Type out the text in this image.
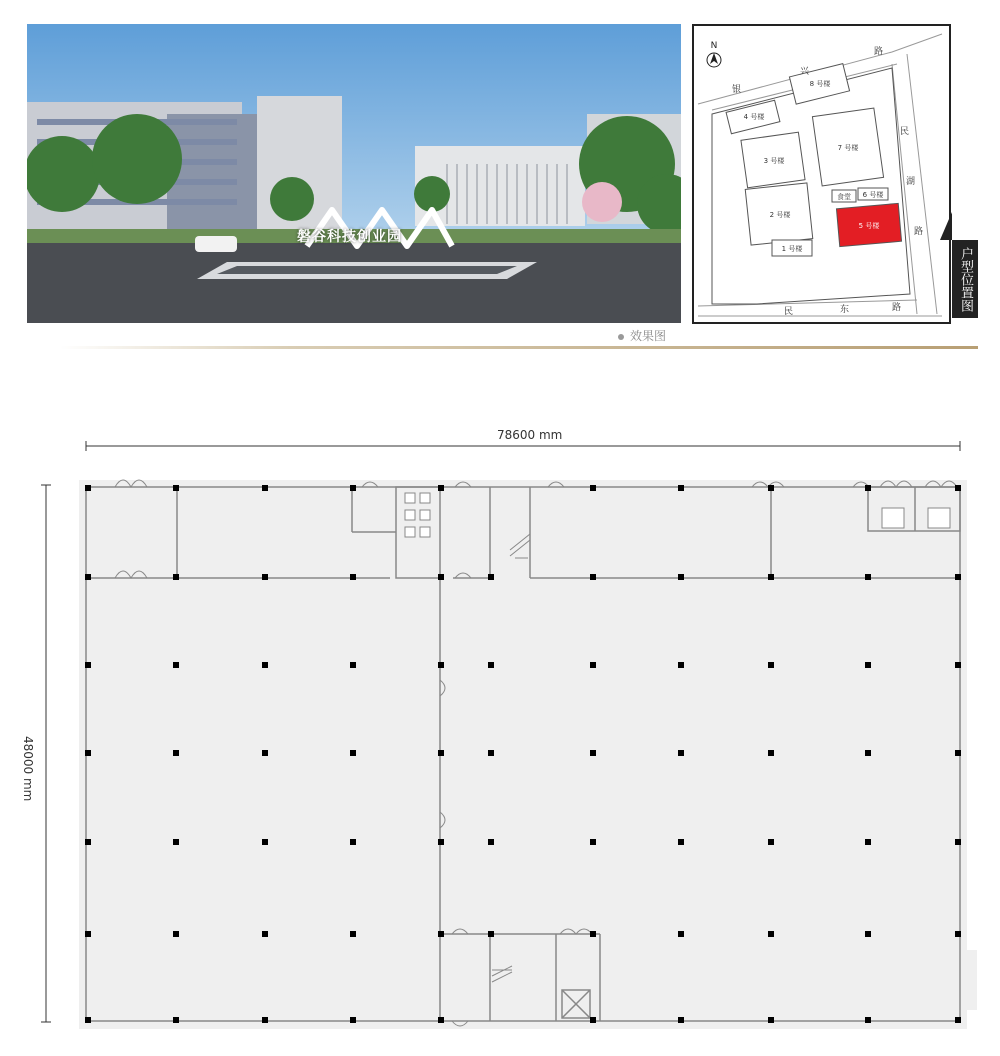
磐谷科技创业园
效果图
N
银
兴
路
民
湖
路
民	东	路
8 号楼
4 号楼
3 号楼
7 号楼
2 号楼
食堂 6 号楼
5 号楼
1 号楼	户型位置图
78600 mm
48000 mm
